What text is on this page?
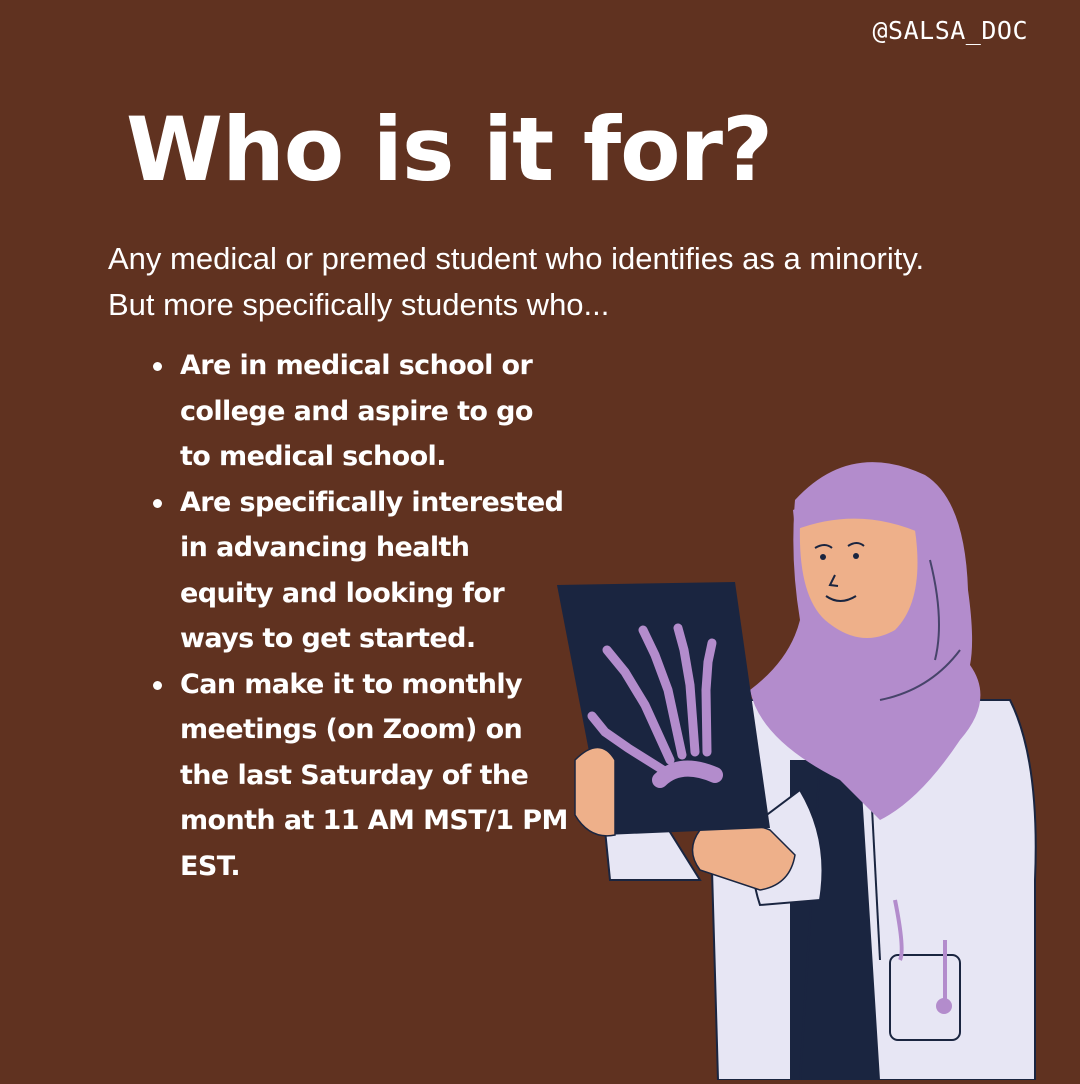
@SALSA_DOC
Who is it for?

Any medical or premed student who identifies as a minority. But more specifically students who...

Are in medical school or college and aspire to go to medical school.
Are specifically interested in advancing health equity and looking for ways to get started.
Can make it to monthly meetings (on Zoom) on the last Saturday of the month at 11 AM MST/1 PM EST.
